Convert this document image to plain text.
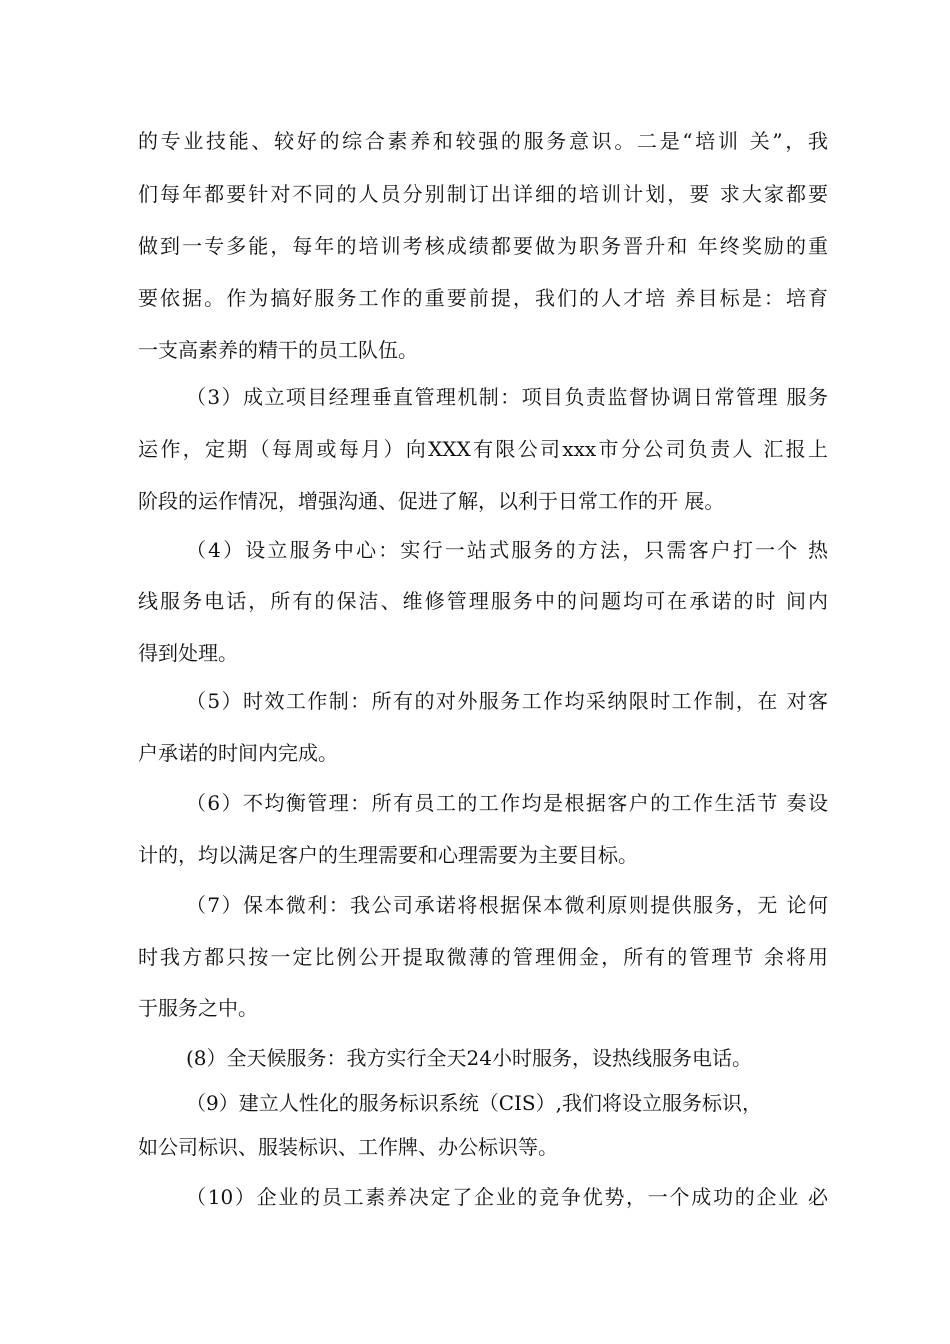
的专业技能、较好的综合素养和较强的服务意识。二是“培训 关”，我
们每年都要针对不同的人员分别制订出详细的培训计划，要 求大家都要
做到一专多能，每年的培训考核成绩都要做为职务晋升和 年终奖励的重
要依据。作为搞好服务工作的重要前提，我们的人才培 养目标是：培育
一支高素养的精干的员工队伍。
（3）成立项目经理垂直管理机制：项目负责监督协调日常管理 服务
运作，定期（每周或每月）向XXX有限公司xxx市分公司负责人 汇报上
阶段的运作情况，增强沟通、促进了解，以利于日常工作的开 展。
（4）设立服务中心：实行一站式服务的方法，只需客户打一个 热
线服务电话，所有的保洁、维修管理服务中的问题均可在承诺的时 间内
得到处理。
（5）时效工作制：所有的对外服务工作均采纳限时工作制，在 对客
户承诺的时间内完成。
（6）不均衡管理：所有员工的工作均是根据客户的工作生活节 奏设
计的，均以满足客户的生理需要和心理需要为主要目标。
（7）保本微利：我公司承诺将根据保本微利原则提供服务，无 论何
时我方都只按一定比例公开提取微薄的管理佣金，所有的管理节 余将用
于服务之中。
(8）全天候服务：我方实行全天24小时服务，设热线服务电话。
（9）建立人性化的服务标识系统（CIS）,我们将设立服务标识，
如公司标识、服装标识、工作牌、办公标识等。
（10）企业的员工素养决定了企业的竞争优势，一个成功的企业 必
